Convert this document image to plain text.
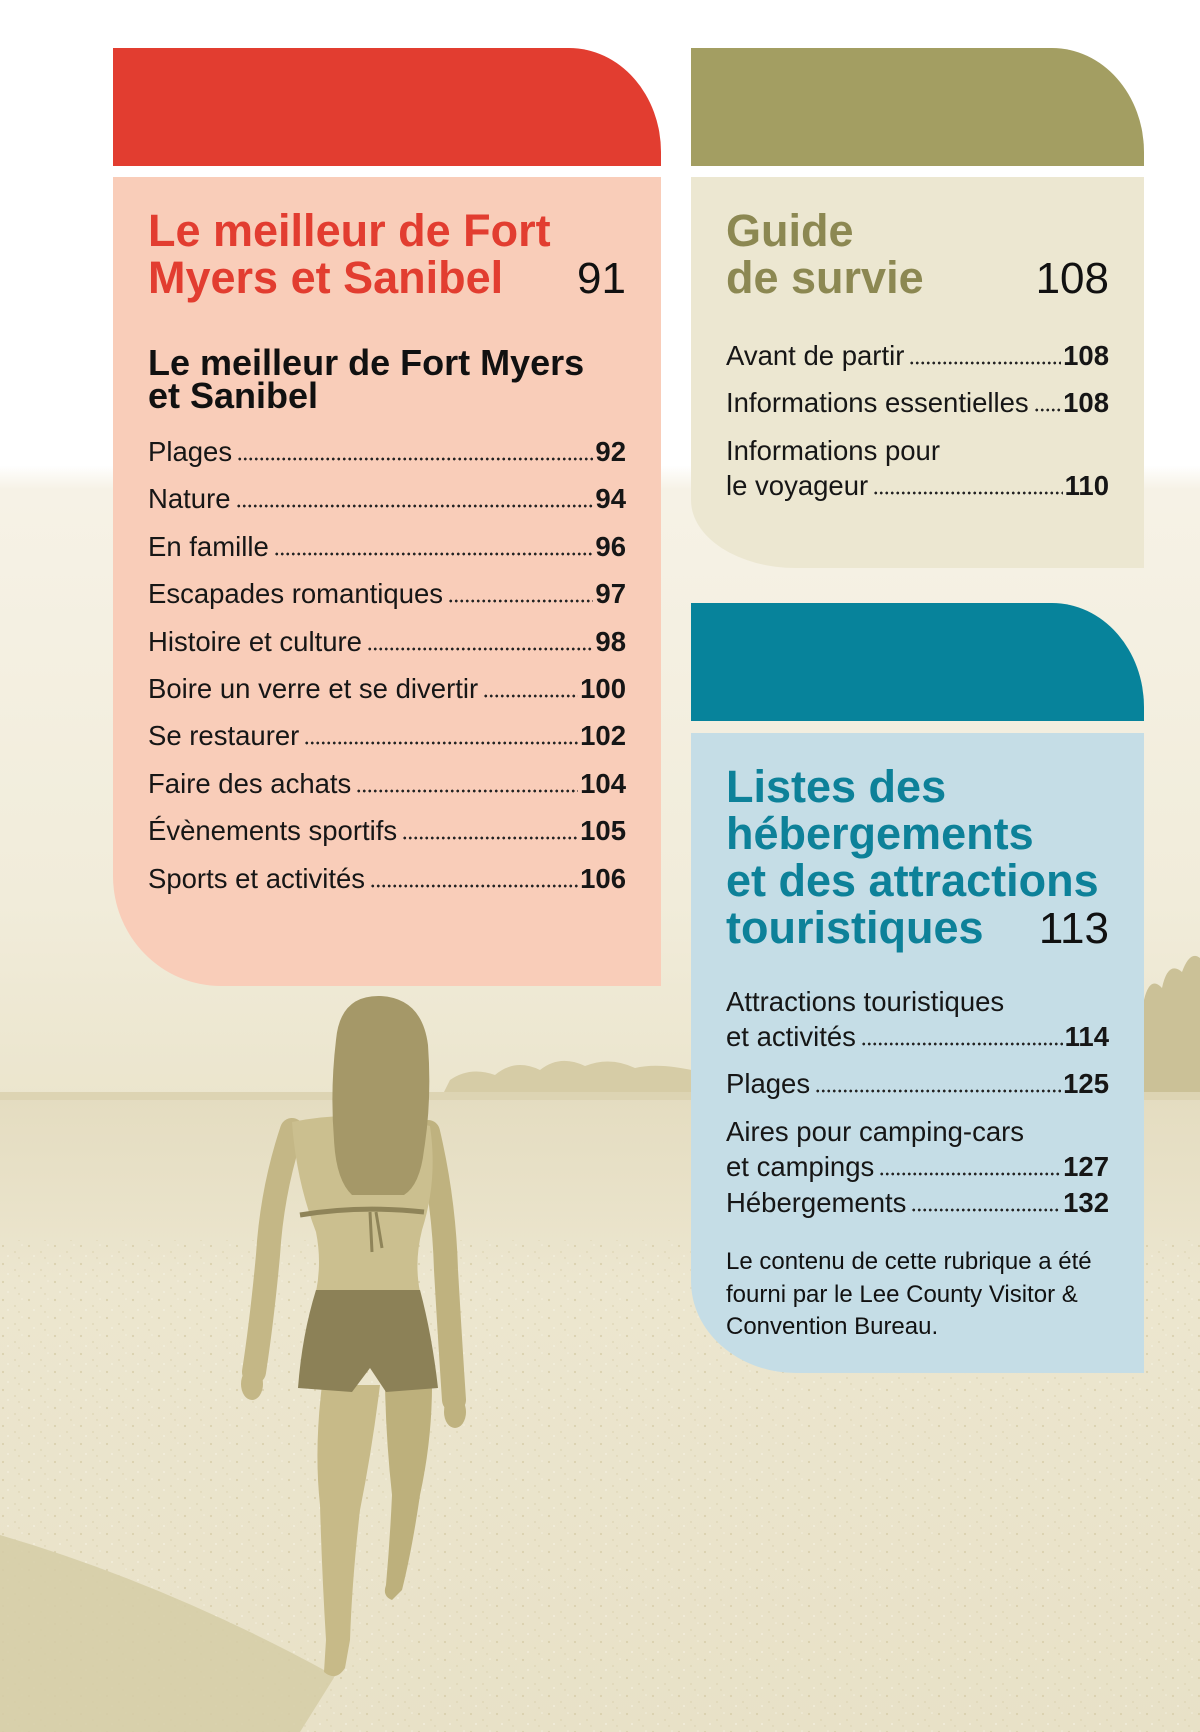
Le meilleur de Fort
Myers et Sanibel 91
Le meilleur de Fort Myers
et Sanibel
Plages	92
Nature	94
En famille	96
Escapades romantiques	97
Histoire et culture	98
Boire un verre et se divertir	100
Se restaurer	102
Faire des achats	104
Évènements sportifs	105
Sports et activités	106
Guide
de survie	108
Avant de partir	108
Informations essentielles 108
Informations pour
le voyageur	110
Listes des
hébergements
et des attractions
touristiques 113
Attractions touristiques
et activités	114
Plages	125
Aires pour camping-cars
et campings	127
Hébergements	132
Le contenu de cette rubrique a été
fourni par le Lee County Visitor &
Convention Bureau.
